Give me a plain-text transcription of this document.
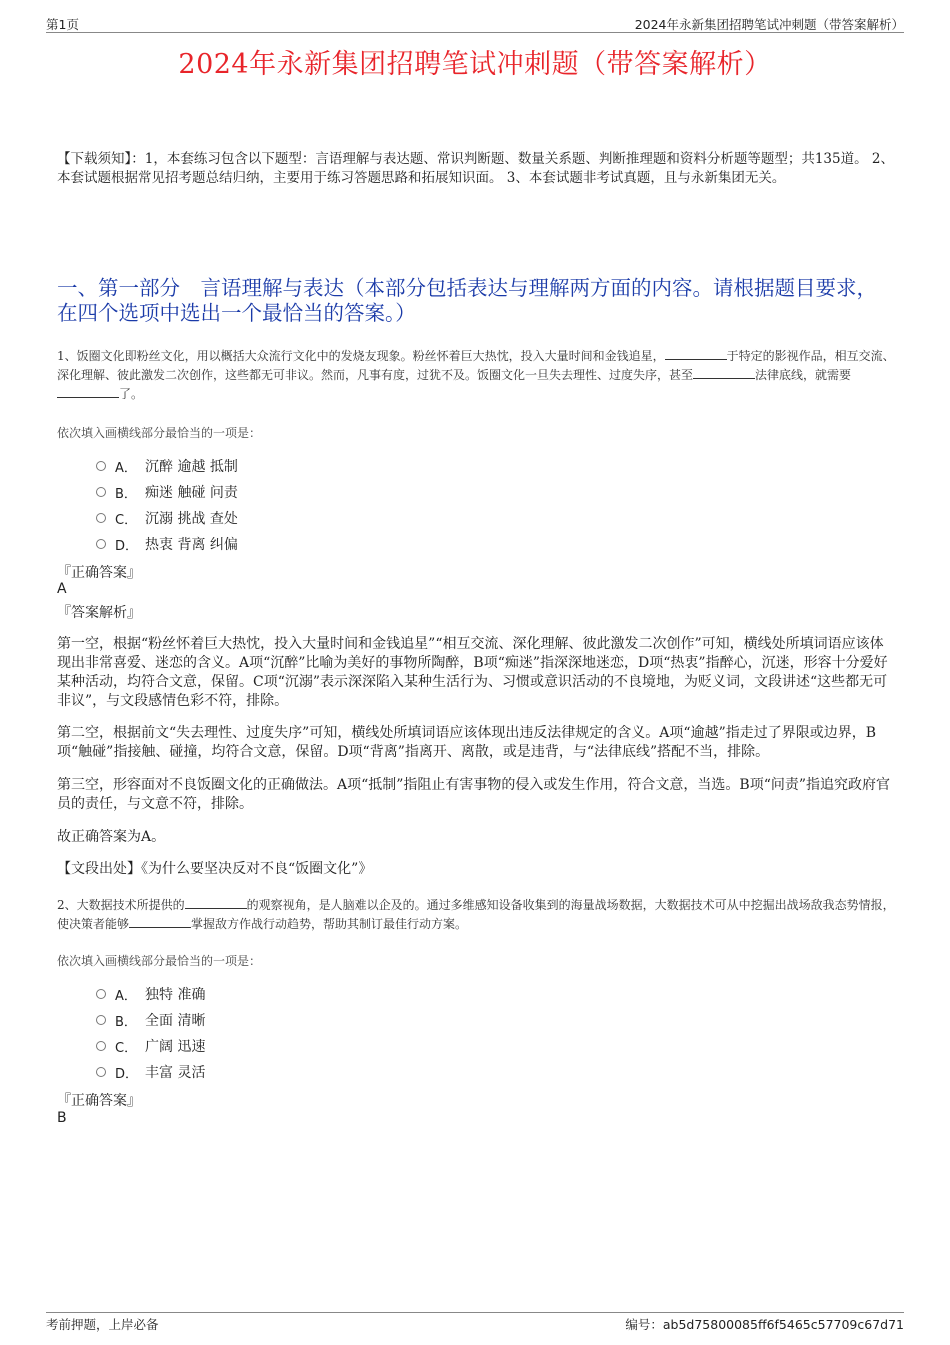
第1页	2024年永新集团招聘笔试冲刺题（带答案解析）
2024年永新集团招聘笔试冲刺题（带答案解析）
【下载须知】：1，本套练习包含以下题型：言语理解与表达题、常识判断题、数量关系题、判断推理题和资料分析题等题型；共135道。 2、本套试题根据常见招考题总结归纳，主要用于练习答题思路和拓展知识面。 3、本套试题非考试真题，且与永新集团无关。
一、第一部分　言语理解与表达（本部分包括表达与理解两方面的内容。请根据题目要求，在四个选项中选出一个最恰当的答案。）
1、饭圈文化即粉丝文化，用以概括大众流行文化中的发烧友现象。粉丝怀着巨大热忱，投入大量时间和金钱追星，	于特定的影视作品，相互交流、深化理解、彼此激发二次创作，这些都无可非议。然而，凡事有度，过犹不及。饭圈文化一旦失去理性、过度失序，甚至	法律底线，就需要了。
依次填入画横线部分最恰当的一项是：
A． 沉醉 逾越 抵制
B． 痴迷 触碰 问责
C． 沉溺 挑战 查处
D． 热衷 背离 纠偏
『正确答案』
A
『答案解析』
第一空，根据“粉丝怀着巨大热忱，投入大量时间和金钱追星”“相互交流、深化理解、彼此激发二次创作”可知，横线处所填词语应该体现出非常喜爱、迷恋的含义。A项“沉醉”比喻为美好的事物所陶醉，B项“痴迷”指深深地迷恋，D项“热衷”指醉心，沉迷，形容十分爱好某种活动，均符合文意，保留。C项“沉溺”表示深深陷入某种生活行为、习惯或意识活动的不良境地，为贬义词，文段讲述“这些都无可非议”，与文段感情色彩不符，排除。
第二空，根据前文“失去理性、过度失序”可知，横线处所填词语应该体现出违反法律规定的含义。A项“逾越”指走过了界限或边界，B项“触碰”指接触、碰撞，均符合文意，保留。D项“背离”指离开、离散，或是违背，与“法律底线”搭配不当，排除。
第三空，形容面对不良饭圈文化的正确做法。A项“抵制”指阻止有害事物的侵入或发生作用，符合文意，当选。B项“问责”指追究政府官员的责任，与文意不符，排除。
故正确答案为A。
【文段出处】《为什么要坚决反对不良“饭圈文化”》
2、大数据技术所提供的	的观察视角，是人脑难以企及的。通过多维感知设备收集到的海量战场数据，大数据技术可从中挖掘出战场敌我态势情报，使决策者能够	掌握敌方作战行动趋势，帮助其制订最佳行动方案。
依次填入画横线部分最恰当的一项是：
A． 独特 准确
B． 全面 清晰
C． 广阔 迅速
D． 丰富 灵活
『正确答案』
B
考前押题，上岸必备	编号：ab5d75800085ff6f5465c57709c67d71
